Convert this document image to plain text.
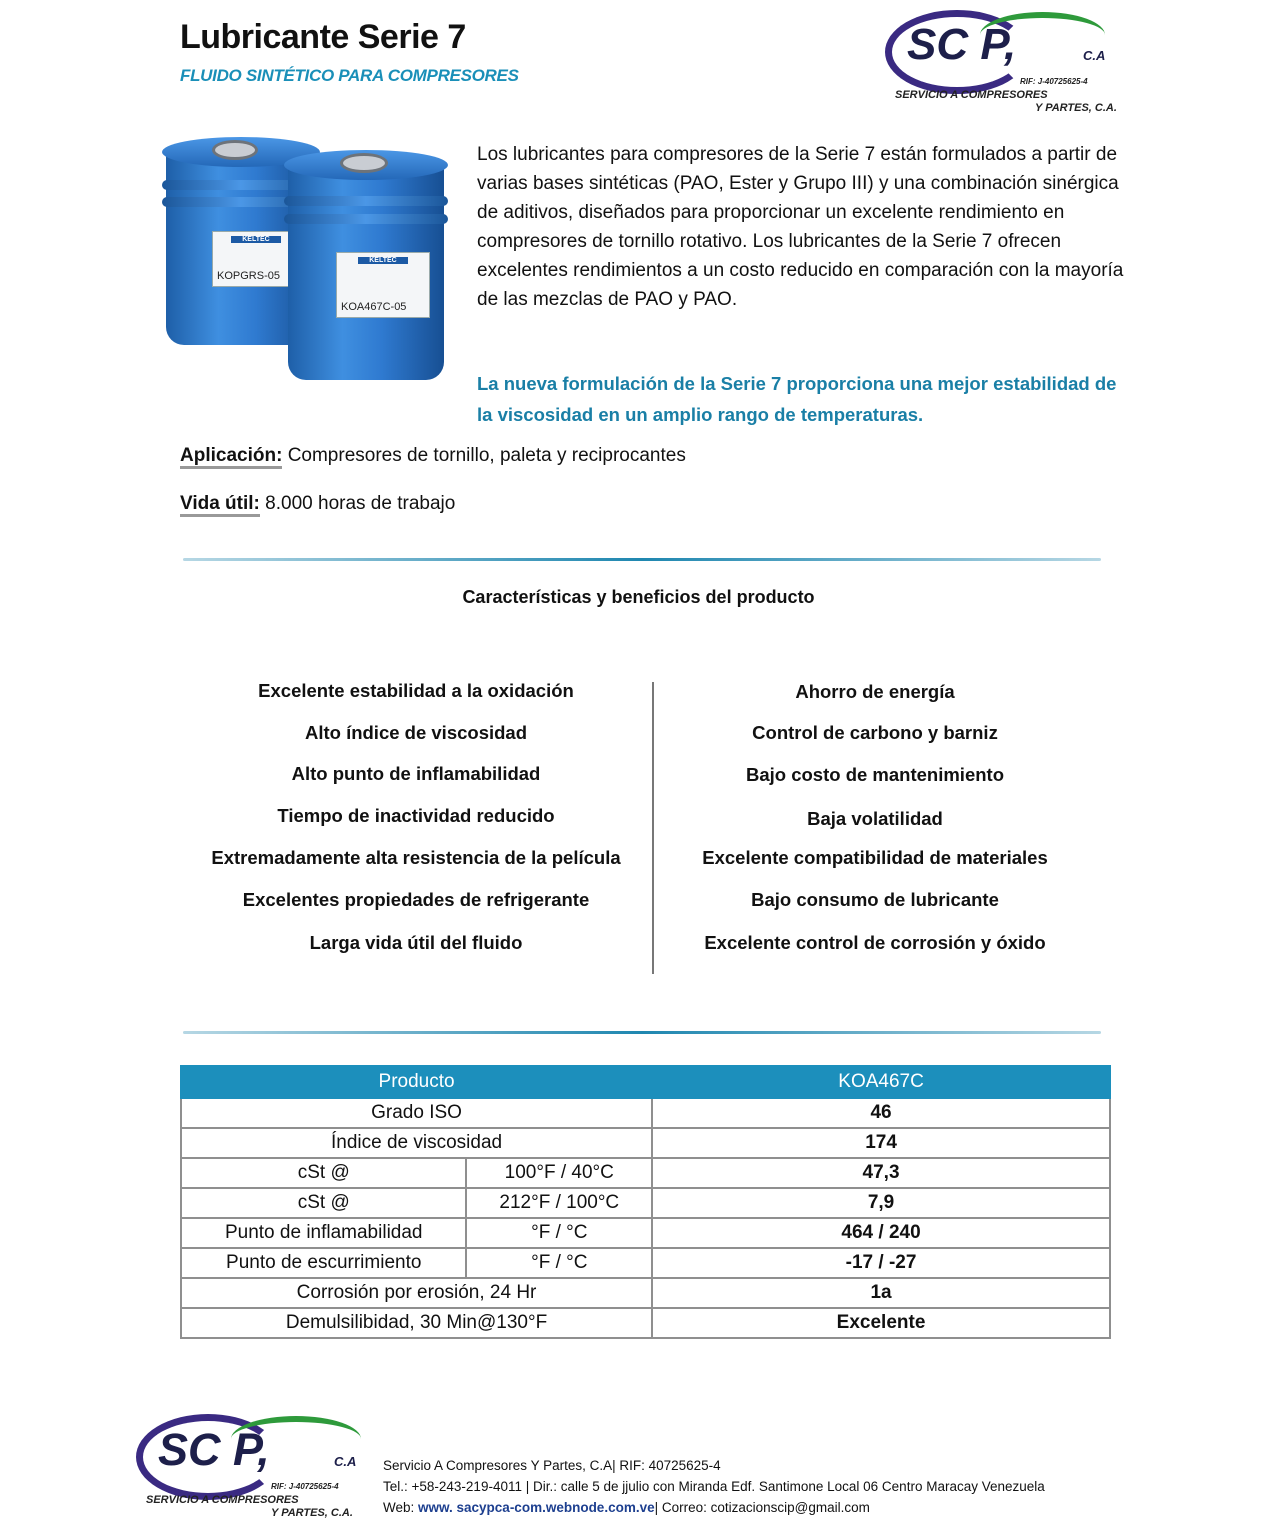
Lubricante Serie 7
FLUIDO SINTÉTICO PARA COMPRESORES
SC P,	C.A
RIF: J-40725625-4
SERVICIO A COMPRESORES
Y PARTES, C.A.
KELTEC
KOPGRS-05
KELTEC
KOA467C-05
Los lubricantes para compresores de la Serie 7 están formulados a partir de varias bases sintéticas (PAO, Ester y Grupo III) y una combinación sinérgica de aditivos, diseñados para proporcionar un excelente rendimiento en compresores de tornillo rotativo. Los lubricantes de la Serie 7 ofrecen excelentes rendimientos a un costo reducido en comparación con la mayoría de las mezclas de PAO y PAO.
La nueva formulación de la Serie 7 proporciona una mejor estabilidad de la viscosidad en un amplio rango de temperaturas.
Aplicación: Compresores de tornillo, paleta y reciprocantes
Vida útil: 8.000 horas de trabajo
Características y beneficios del producto
Excelente estabilidad a la oxidación
Alto índice de viscosidad
Alto punto de inflamabilidad
Tiempo de inactividad reducido
Extremadamente alta resistencia de la película
Excelentes propiedades de refrigerante
Larga vida útil del fluido
Ahorro de energía
Control de carbono y barniz
Bajo costo de mantenimiento
Baja volatilidad
Excelente compatibilidad de materiales
Bajo consumo de lubricante
Excelente control de corrosión y óxido
Producto		KOA467C
Grado ISO		46
Índice de viscosidad		174
cSt @	100°F / 40°C	47,3
cSt @	212°F / 100°C	7,9
Punto de inflamabilidad	°F / °C	464 / 240
Punto de escurrimiento	°F / °C	-17 / -27
Corrosión por erosión, 24 Hr		1a
Demulsilibidad, 30 Min@130°F		Excelente
SC P,	C.A
RIF: J-40725625-4
SERVICIO A COMPRESORES
Y PARTES, C.A.
Servicio A Compresores Y Partes, C.A| RIF: 40725625-4
Tel.: +58-243-219-4011 | Dir.: calle 5 de jjulio con Miranda Edf. Santimone Local 06 Centro Maracay Venezuela
Web: www. sacypca-com.webnode.com.ve| Correo: cotizacionscip@gmail.com
